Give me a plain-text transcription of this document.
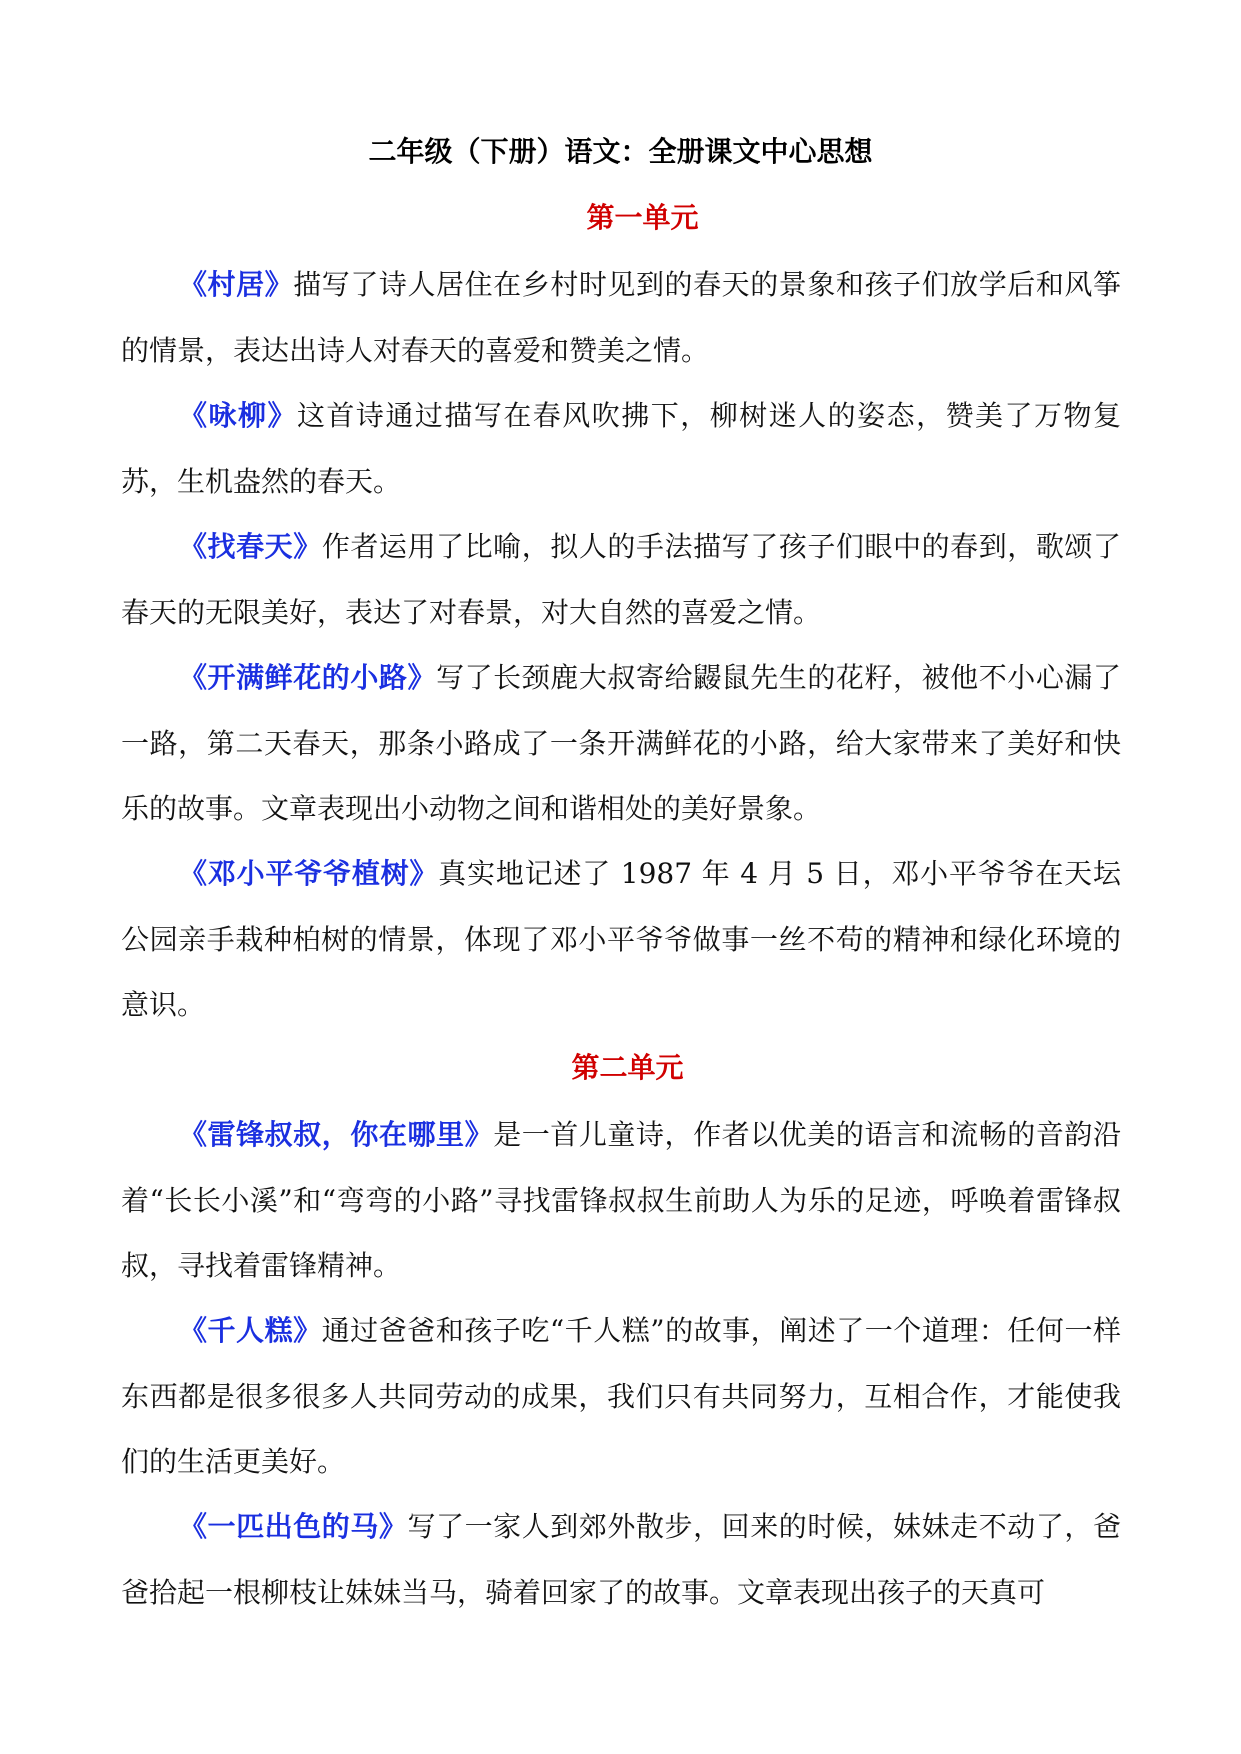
二年级（下册）语文：全册课文中心思想
第一单元

《村居》描写了诗人居住在乡村时见到的春天的景象和孩子们放学后和风筝的情景，表达出诗人对春天的喜爱和赞美之情。

《咏柳》这首诗通过描写在春风吹拂下，柳树迷人的姿态，赞美了万物复苏，生机盎然的春天。

《找春天》作者运用了比喻，拟人的手法描写了孩子们眼中的春到，歌颂了春天的无限美好，表达了对春景，对大自然的喜爱之情。

《开满鲜花的小路》写了长颈鹿大叔寄给鼹鼠先生的花籽，被他不小心漏了一路，第二天春天，那条小路成了一条开满鲜花的小路，给大家带来了美好和快乐的故事。文章表现出小动物之间和谐相处的美好景象。

《邓小平爷爷植树》真实地记述了 1987 年 4 月 5 日，邓小平爷爷在天坛公园亲手栽种柏树的情景，体现了邓小平爷爷做事一丝不苟的精神和绿化环境的意识。

第二单元

《雷锋叔叔，你在哪里》是一首儿童诗，作者以优美的语言和流畅的音韵沿着“长长小溪”和“弯弯的小路”寻找雷锋叔叔生前助人为乐的足迹，呼唤着雷锋叔叔，寻找着雷锋精神。

《千人糕》通过爸爸和孩子吃“千人糕”的故事，阐述了一个道理：任何一样东西都是很多很多人共同劳动的成果，我们只有共同努力，互相合作，才能使我们的生活更美好。

《一匹出色的马》写了一家人到郊外散步，回来的时候，妹妹走不动了，爸爸拾起一根柳枝让妹妹当马，骑着回家了的故事。文章表现出孩子的天真可
